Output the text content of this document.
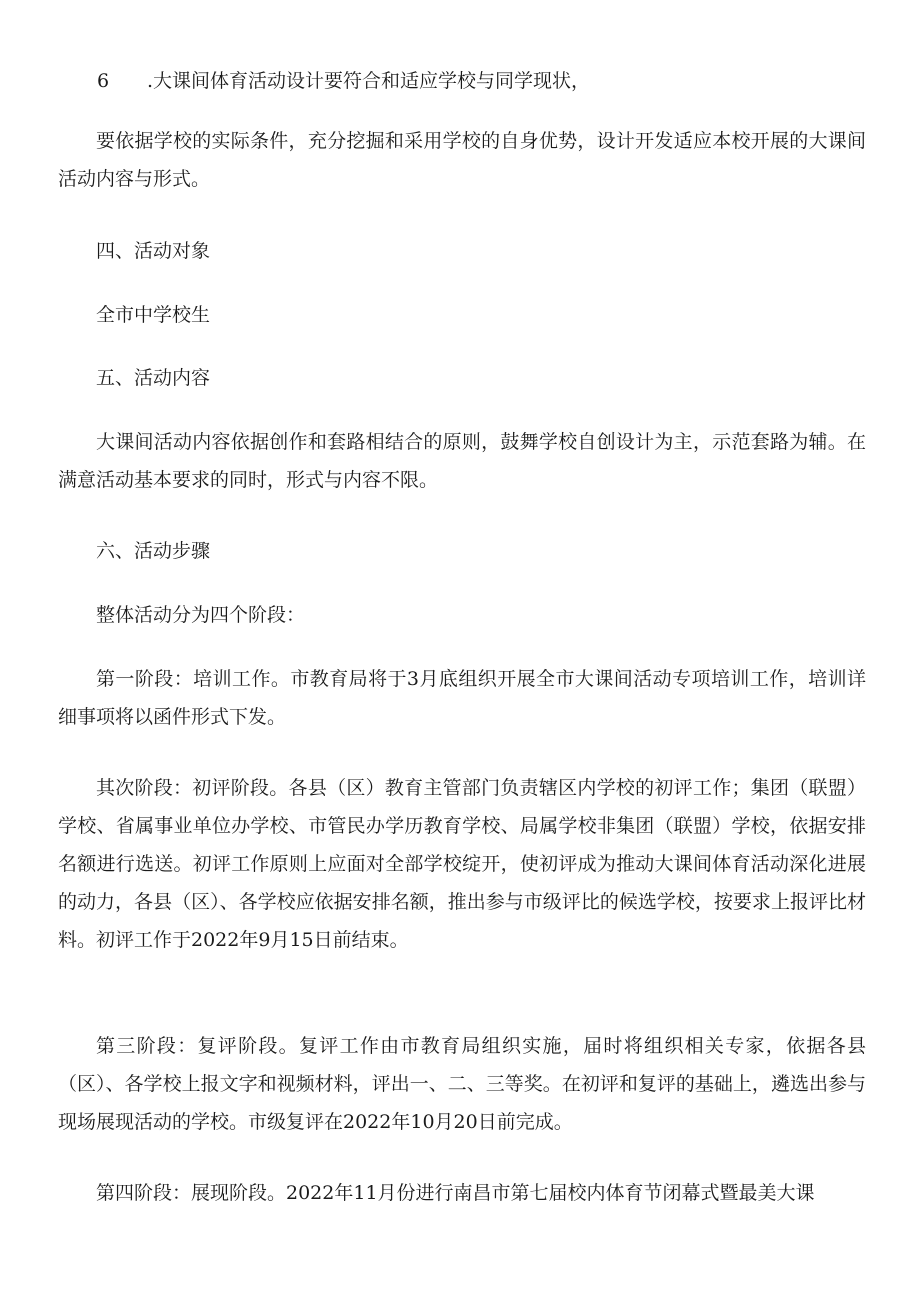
6 .大课间体育活动设计要符合和适应学校与同学现状，

要依据学校的实际条件，充分挖掘和采用学校的自身优势，设计开发适应本校开展的大课间活动内容与形式。

四、活动对象

全市中学校生

五、活动内容

大课间活动内容依据创作和套路相结合的原则，鼓舞学校自创设计为主，示范套路为辅。在满意活动基本要求的同时，形式与内容不限。

六、活动步骤

整体活动分为四个阶段：

第一阶段：培训工作。市教育局将于3月底组织开展全市大课间活动专项培训工作，培训详细事项将以函件形式下发。

其次阶段：初评阶段。各县（区）教育主管部门负责辖区内学校的初评工作；集团（联盟）学校、省属事业单位办学校、市管民办学历教育学校、局属学校非集团（联盟）学校，依据安排名额进行选送。初评工作原则上应面对全部学校绽开，使初评成为推动大课间体育活动深化进展的动力，各县（区）、各学校应依据安排名额，推出参与市级评比的候选学校，按要求上报评比材料。初评工作于2022年9月15日前结束。

第三阶段：复评阶段。复评工作由市教育局组织实施，届时将组织相关专家，依据各县（区）、各学校上报文字和视频材料，评出一、二、三等奖。在初评和复评的基础上，遴选出参与现场展现活动的学校。市级复评在2022年10月20日前完成。

第四阶段：展现阶段。2022年11月份进行南昌市第七届校内体育节闭幕式暨最美大课
